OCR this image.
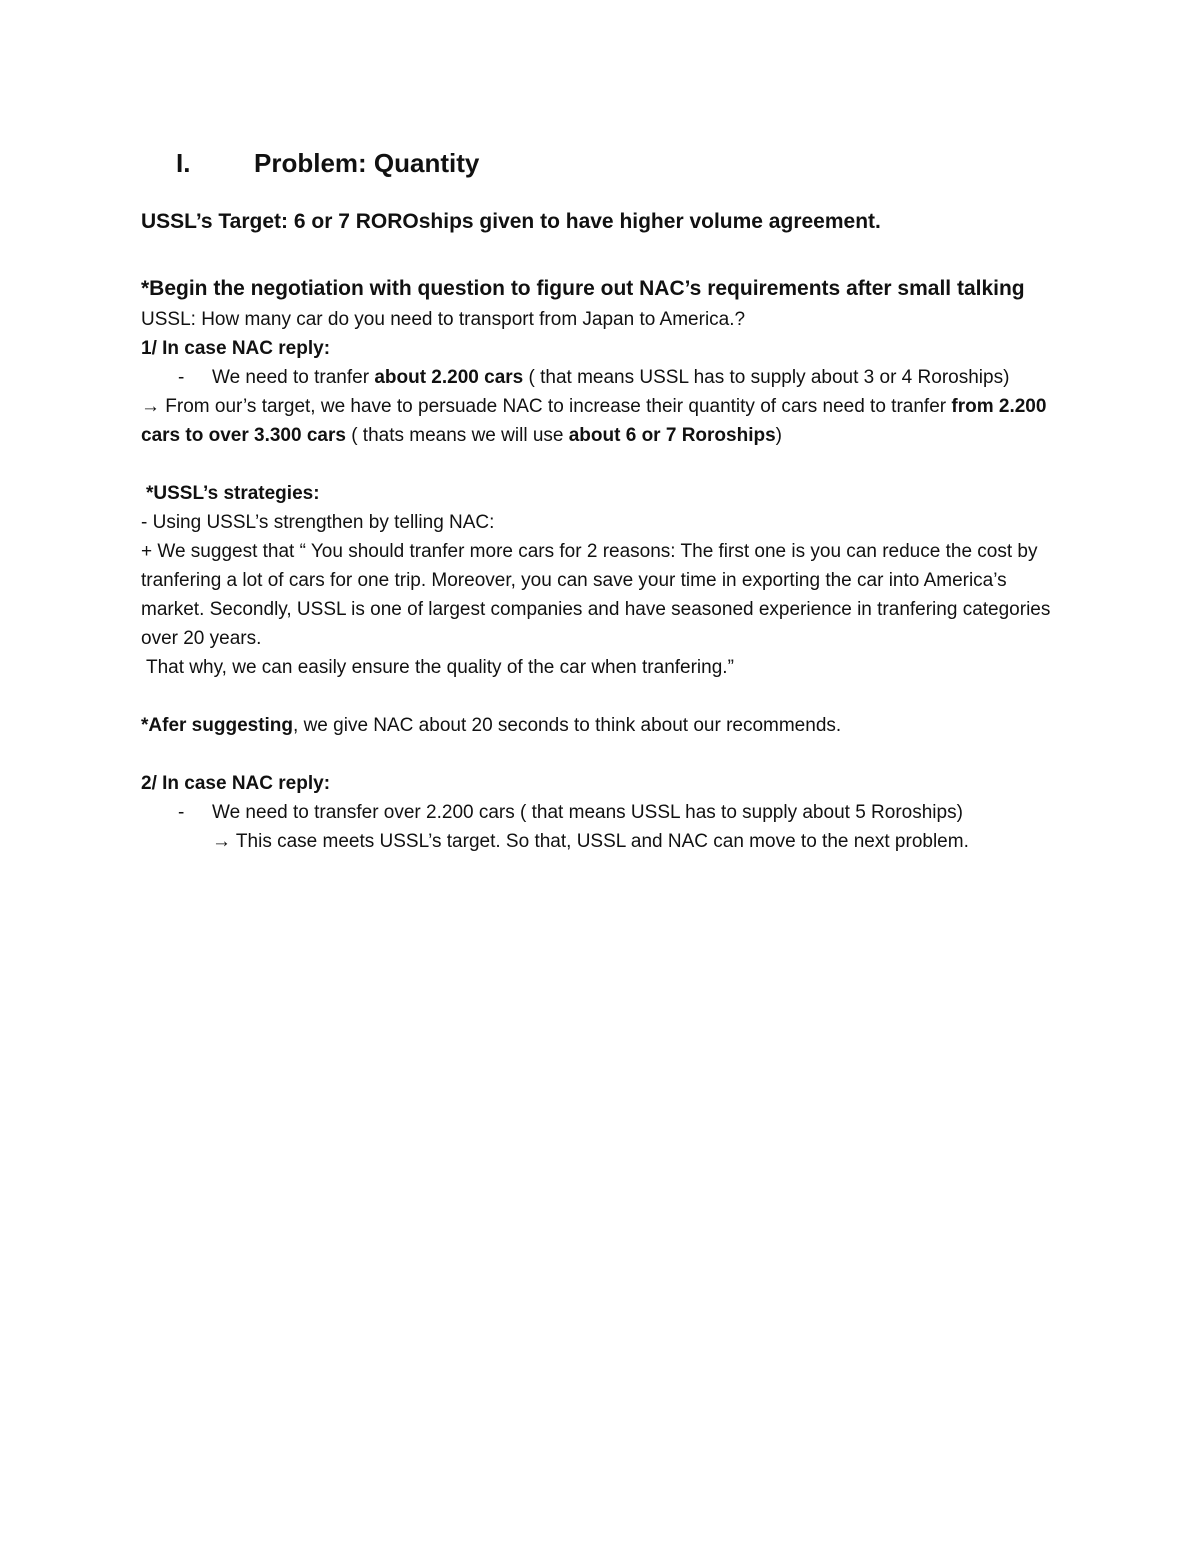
I. Problem: Quantity
USSL’s Target: 6 or 7 ROROships given to have higher volume agreement.
*Begin the negotiation with question to figure out NAC’s requirements after small talking

USSL: How many car do you need to transport from Japan to America.?

1/ In case NAC reply:

- We need to tranfer about 2.200 cars ( that means USSL has to supply about 3 or 4 Roroships)

→ From our’s target, we have to persuade NAC to increase their quantity of cars need to tranfer from 2.200 cars to over 3.300 cars ( thats means we will use about 6 or 7 Roroships)

*USSL’s strategies:

- Using USSL’s strengthen by telling NAC:

+ We suggest that “ You should tranfer more cars for 2 reasons: The first one is you can reduce the cost by tranfering a lot of cars for one trip. Moreover, you can save your time in exporting the car into America’s market. Secondly, USSL is one of largest companies and have seasoned experience in tranfering categories over 20 years.

That why, we can easily ensure the quality of the car when tranfering.”

*Afer suggesting, we give NAC about 20 seconds to think about our recommends.

2/ In case NAC reply:

- We need to transfer over 2.200 cars ( that means USSL has to supply about 5 Roroships)
→ This case meets USSL’s target. So that, USSL and NAC can move to the next problem.
